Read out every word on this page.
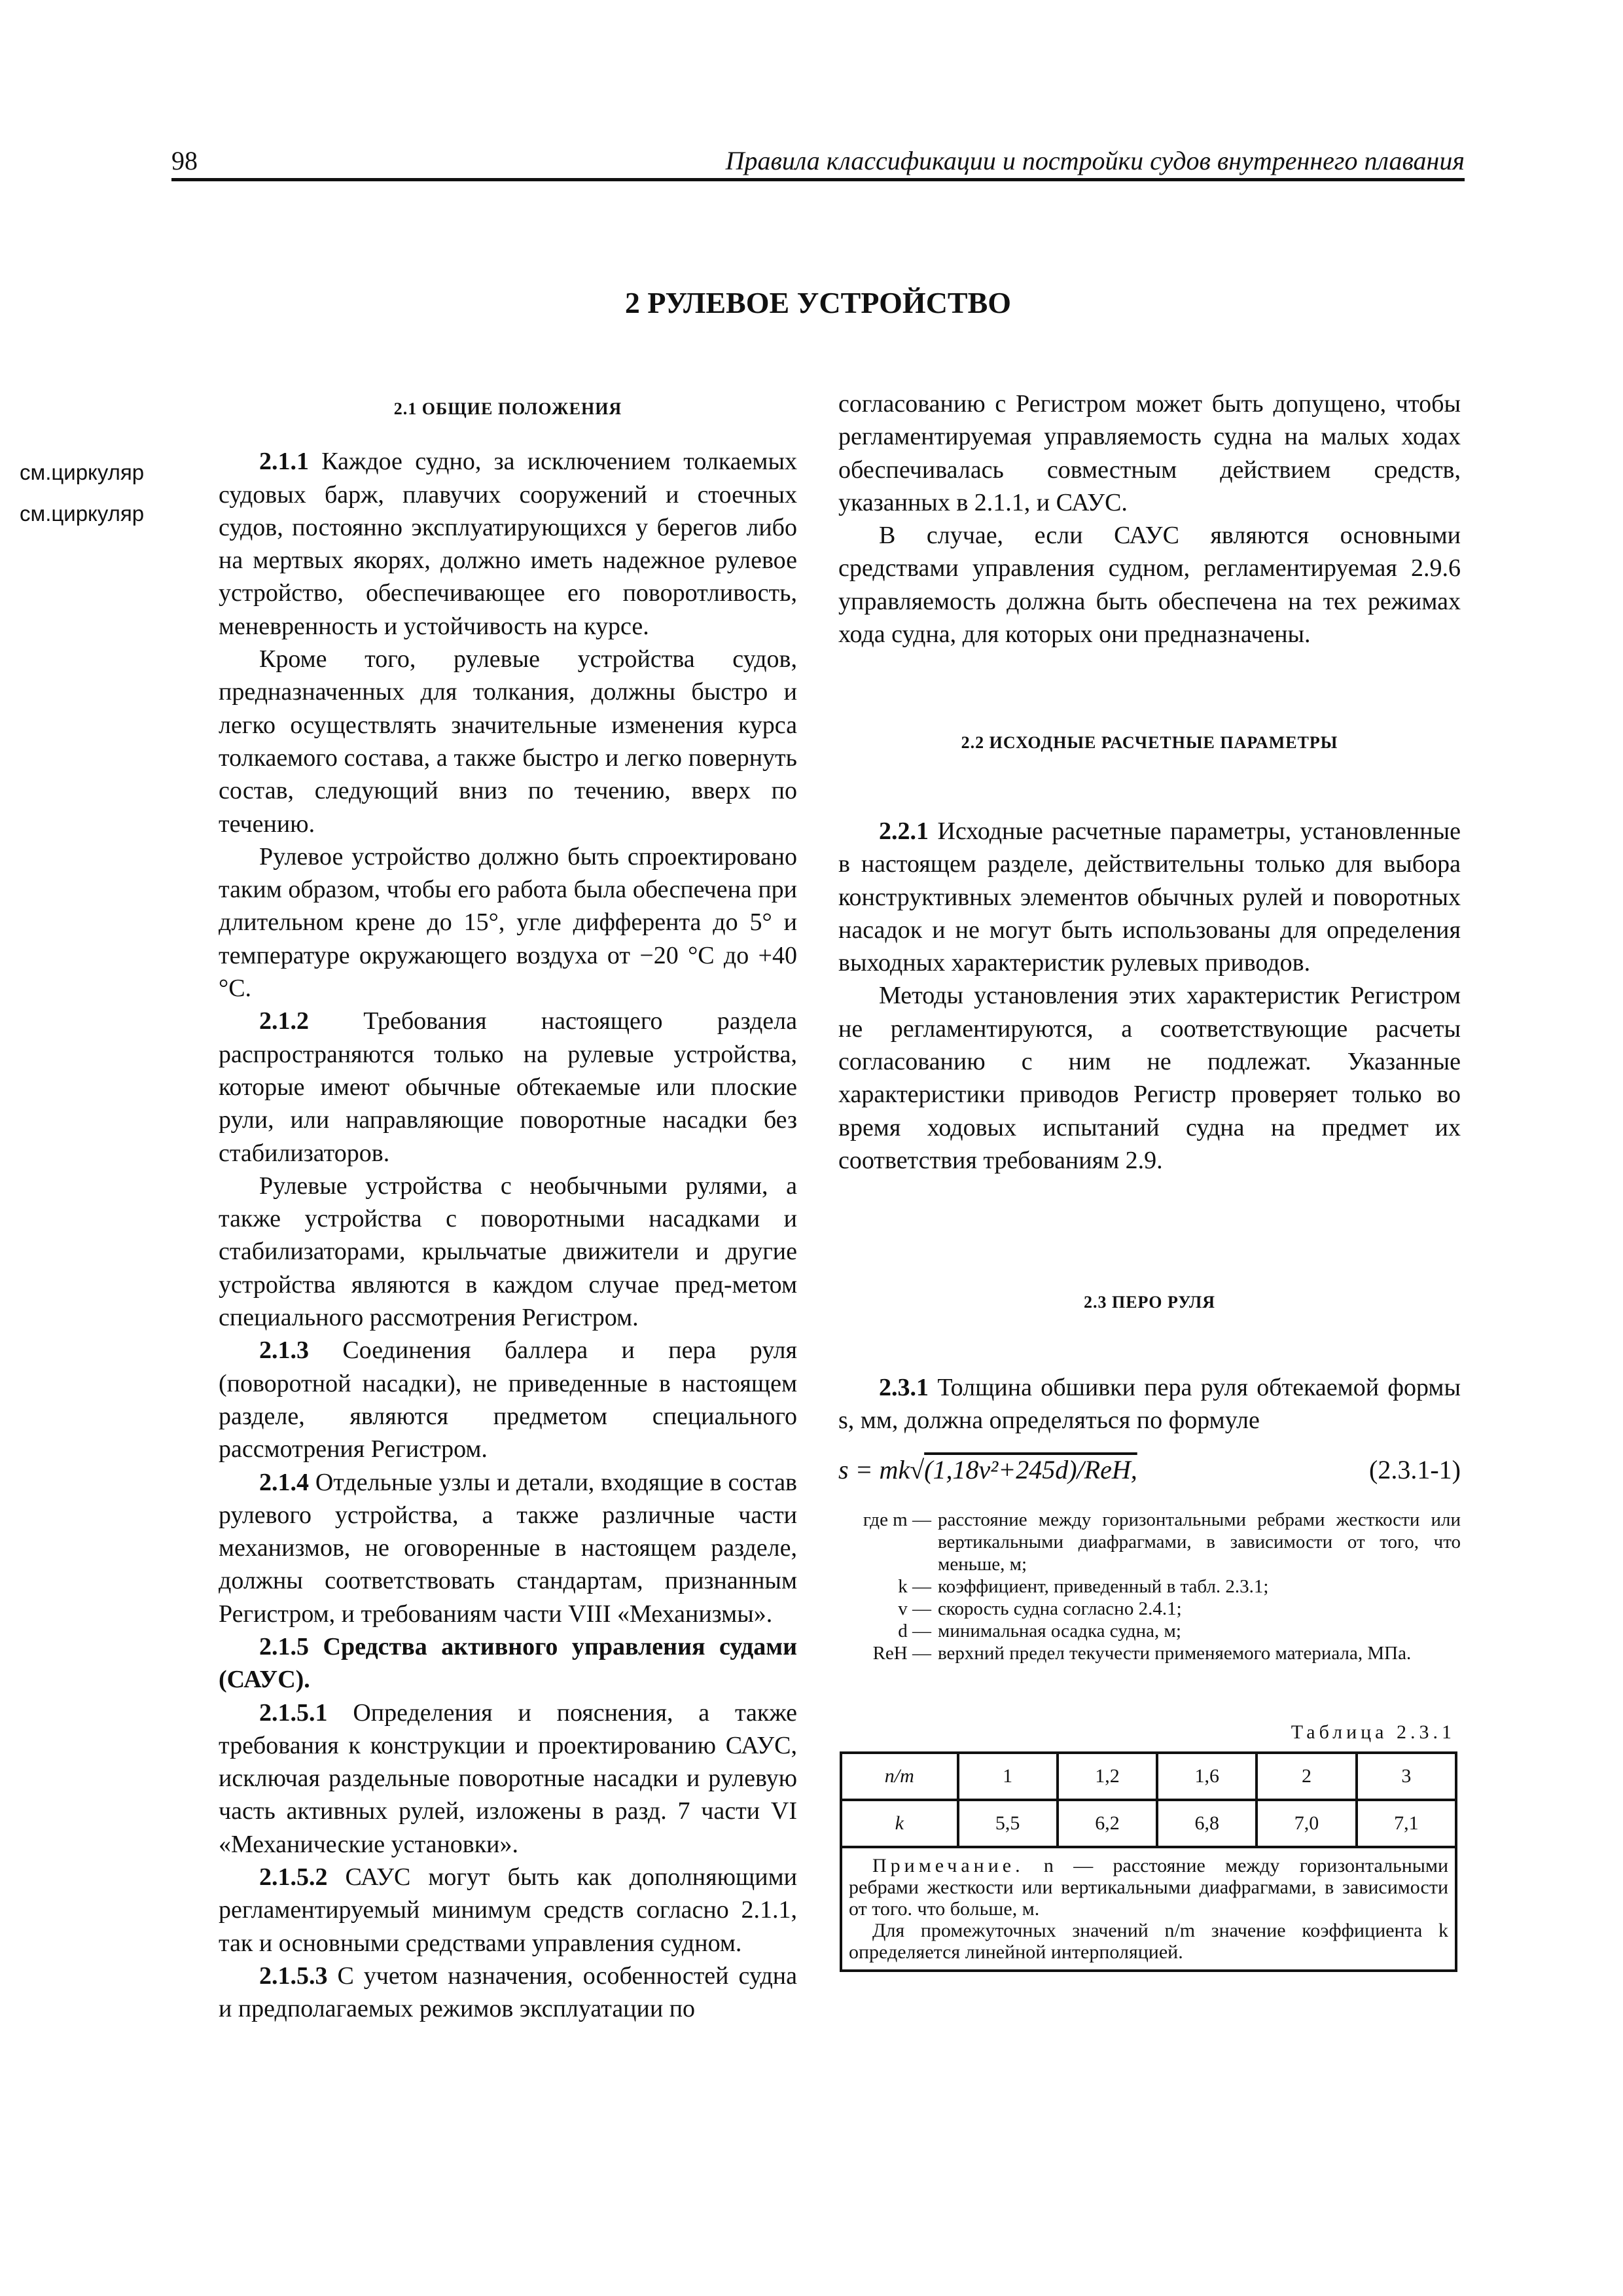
98	Правила классификации и постройки судов внутреннего плавания
2 РУЛЕВОЕ УСТРОЙСТВО
см.циркуляр
см.циркуляр

2.1 ОБЩИЕ ПОЛОЖЕНИЯ

2.1.1 Каждое судно, за исключением толкаемых судовых барж, плавучих сооружений и стоечных судов, постоянно эксплуатирующихся у берегов либо на мертвых якорях, должно иметь надежное рулевое устройство, обеспечивающее его поворотливость, меневренность и устойчивость на курсе.

Кроме того, рулевые устройства судов, предназначенных для толкания, должны быстро и легко осуществлять значительные изменения курса толкаемого состава, а также быстро и легко повернуть состав, следующий вниз по течению, вверх по течению.

Рулевое устройство должно быть спроектировано таким образом, чтобы его работа была обеспечена при длительном крене до 15°, угле дифферента до 5° и температуре окружающего воздуха от −20 °C до +40 °C.

2.1.2 Требования настоящего раздела распространяются только на рулевые устройства, которые имеют обычные обтекаемые или плоские рули, или направляющие поворотные насадки без стабилизаторов.

Рулевые устройства с необычными рулями, а также устройства с поворотными насадками и стабилизаторами, крыльчатые движители и другие устройства являются в каждом случае пред-метом специального рассмотрения Регистром.

2.1.3 Соединения баллера и пера руля (поворотной насадки), не приведенные в настоящем разделе, являются предметом специального рассмотрения Регистром.

2.1.4 Отдельные узлы и детали, входящие в состав рулевого устройства, а также различные части механизмов, не оговоренные в настоящем разделе, должны соответствовать стандартам, признанным Регистром, и требованиям части VIII «Механизмы».

2.1.5 Средства активного управления судами (САУС).

2.1.5.1 Определения и пояснения, а также требования к конструкции и проектированию САУС, исключая раздельные поворотные насадки и рулевую часть активных рулей, изложены в разд. 7 части VI «Механические установки».

2.1.5.2 САУС могут быть как дополняющими регламентируемый минимум средств согласно 2.1.1, так и основными средствами управления судном.

2.1.5.3 С учетом назначения, особенностей судна и предполагаемых режимов эксплуатации по

согласованию с Регистром может быть допущено, чтобы регламентируемая управляемость судна на малых ходах обеспечивалась совместным действием средств, указанных в 2.1.1, и САУС.

В случае, если САУС являются основными средствами управления судном, регламентируемая 2.9.6 управляемость должна быть обеспечена на тех режимах хода судна, для которых они предназначены.

2.2 ИСХОДНЫЕ РАСЧЕТНЫЕ ПАРАМЕТРЫ

2.2.1 Исходные расчетные параметры, установленные в настоящем разделе, действительны только для выбора конструктивных элементов обычных рулей и поворотных насадок и не могут быть использованы для определения выходных характеристик рулевых приводов.

Методы установления этих характеристик Регистром не регламентируются, а соответствующие расчеты согласованию с ним не подлежат. Указанные характеристики приводов Регистр проверяет только во время ходовых испытаний судна на предмет их соответствия требованиям 2.9.

2.3 ПЕРО РУЛЯ

2.3.1 Толщина обшивки пера руля обтекаемой формы s, мм, должна определяться по формуле

s = mk√(1,18v²+245d)/ReH,	(2.3.1-1)
где m — расстояние между горизонтальными ребрами жесткости или вертикальными диафрагмами, в зависимости от того, что меньше, м;
k — коэффициент, приведенный в табл. 2.3.1;
v — скорость судна согласно 2.4.1;
d — минимальная осадка судна, м;
ReH — верхний предел текучести применяемого материала, МПа.
Таблица 2.3.1
n/m	1	1,2	1,6	2	3
k	5,5	6,2	6,8	7,0	7,1

Примечание. n — расстояние между горизонтальными ребрами жесткости или вертикальными диафрагмами, в зависимости от того. что больше, м.
Для промежуточных значений n/m значение коэффициента k определяется линейной интерполяцией.					
